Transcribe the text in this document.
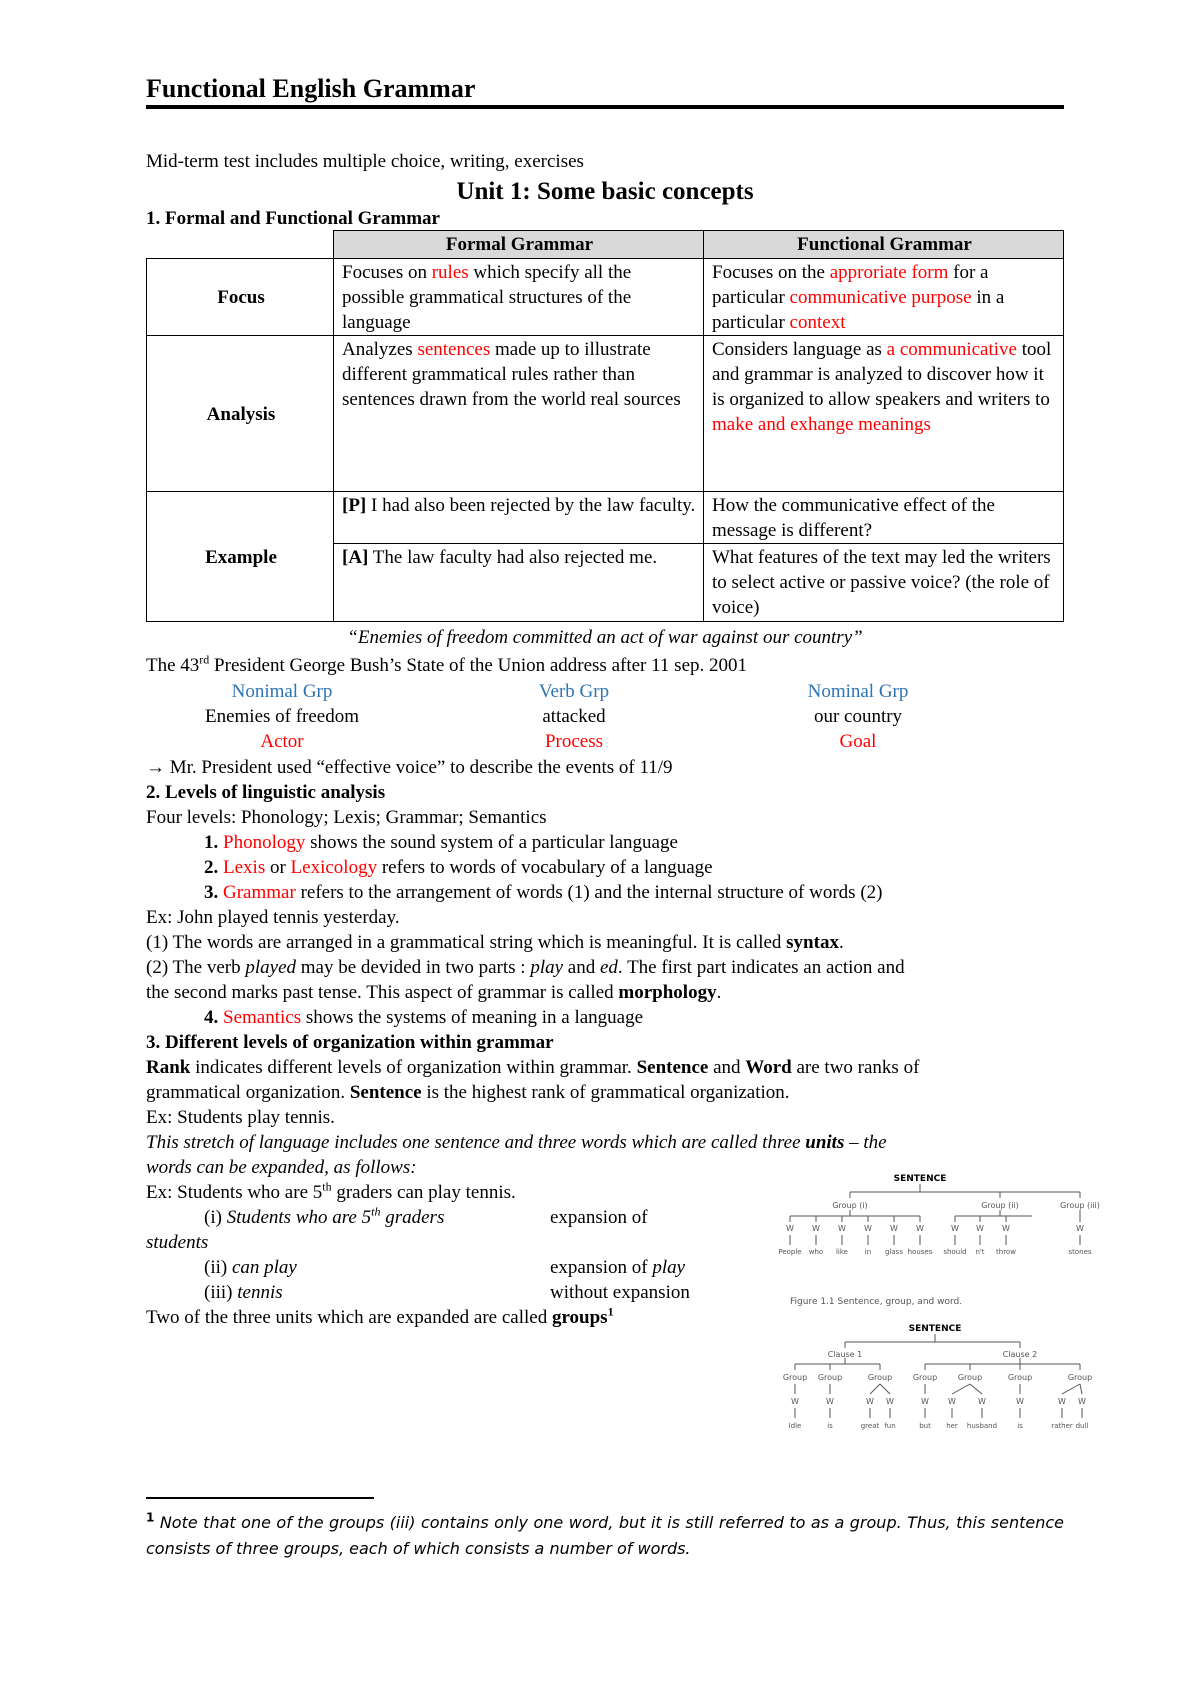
Functional English Grammar
Mid-term test includes multiple choice, writing, exercises
Unit 1: Some basic concepts
1. Formal and Functional Grammar
	Formal Grammar	Functional Grammar
Focus	Focuses on rules which specify all the possible grammatical structures of the language	Focuses on the approriate form for a particular communicative purpose in a particular context
Analysis	Analyzes sentences made up to illustrate different grammatical rules rather than sentences drawn from the world real sources	Considers language as a communicative tool and grammar is analyzed to discover how it is organized to allow speakers and writers to make and exhange meanings
Example	[P] I had also been rejected by the law faculty.	How the communicative effect of the message is different?
	[A] The law faculty had also rejected me.	What features of the text may led the writers to select active or passive voice? (the role of voice)
“Enemies of freedom committed an act of war against our country”
The 43rd President George Bush’s State of the Union address after 11 sep. 2001
Nonimal Grp	Verb Grp	Nominal Grp
Enemies of freedom	attacked	our country
Actor	Process	Goal
→ Mr. President used “effective voice” to describe the events of 11/9
2. Levels of linguistic analysis
Four levels: Phonology; Lexis; Grammar; Semantics
1. Phonology shows the sound system of a particular language
2. Lexis or Lexicology refers to words of vocabulary of a language
3. Grammar refers to the arrangement of words (1) and the internal structure of words (2)
Ex: John played tennis yesterday.
(1) The words are arranged in a grammatical string which is meaningful. It is called syntax.
(2) The verb played may be devided in two parts : play and ed. The first part indicates an action and
the second marks past tense. This aspect of grammar is called morphology.
4. Semantics shows the systems of meaning in a language
3. Different levels of organization within grammar
Rank indicates different levels of organization within grammar. Sentence and Word are two ranks of
grammatical organization. Sentence is the highest rank of grammatical organization.
Ex: Students play tennis.
This stretch of language includes one sentence and three words which are called three units – the
words can be expanded, as follows:
Ex: Students who are 5th graders can play tennis.
(i) Students who are 5th graders	expansion of
students
(ii) can play	expansion of play
(iii) tennis	without expansion
Two of the three units which are expanded are called groups$^1$
$^1$ Note that one of the groups (iii) contains only one word, but it is still referred to as a group. Thus, this sentence consists of three groups, each of which consists a number of words.
SENTENCE
Group (i)	Group (ii)	Group (iii)
W
People
W
who
W
like
W
in
W
glass
W
houses
W
should
W
n't
W
throw
W
stones
Figure 1.1 Sentence, group, and word.
SENTENCE
Clause 1	Clause 2
Group Group	Group	Group	Group	Group	Group
W
Idle
W
is
W
great
W
fun
W
but
W
her
W
husband
W
is
W
rather
W
dull
